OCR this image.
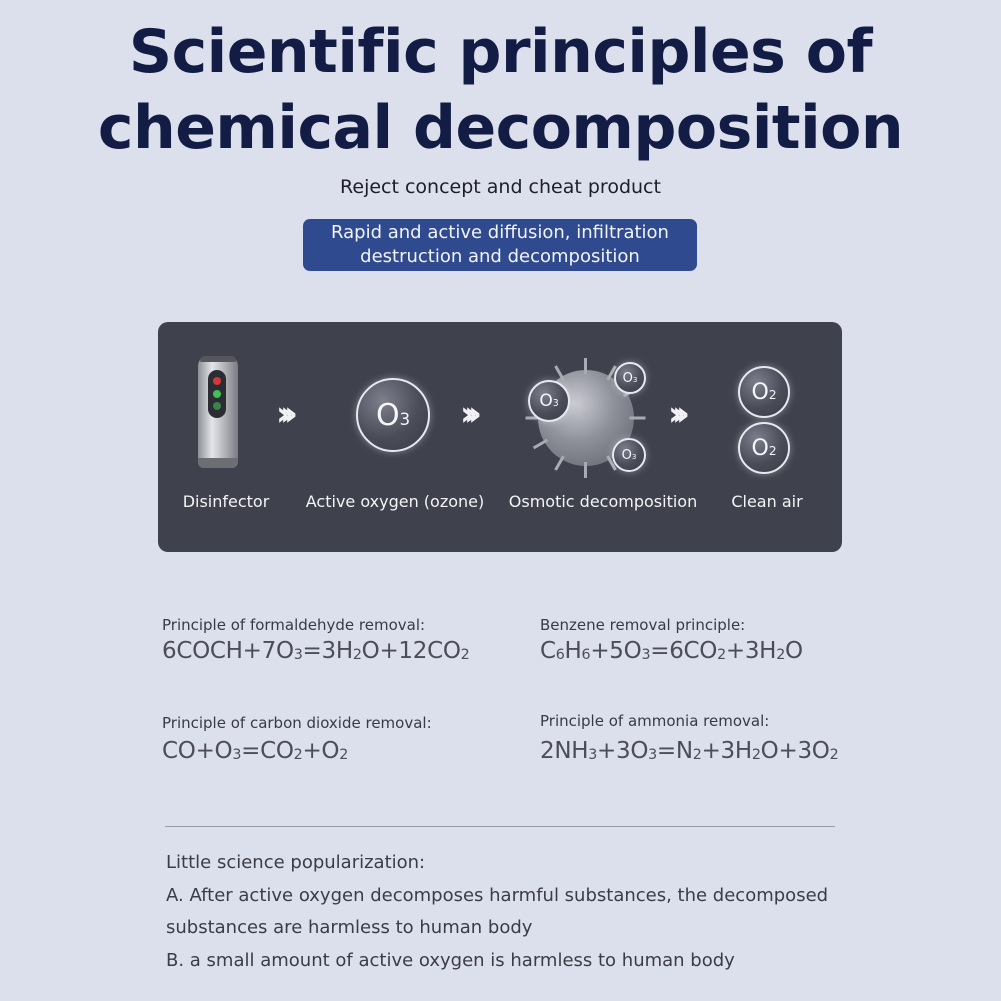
Scientific principles of
chemical decomposition
Reject concept and cheat product
Rapid and active diffusion, infiltration
destruction and decomposition
›››	$O_3$ ›››	$O_3$
$O_3$
$O_3$
›››
$O_2$
$O_2$
Disinfector Active oxygen (ozone) Osmotic decomposition Clean air
Principle of formaldehyde removal:
$6COCH+7O_3=3H_2O+12CO_2$
Benzene removal principle:
$C_6H_6+5O_3=6CO_2+3H_2O$
Principle of carbon dioxide removal:
$CO+O_3=CO_2+O_2$
Principle of ammonia removal:
$2NH_3+3O_3=N_2+3H_2O+3O_2$
Little science popularization:
A. After active oxygen decomposes harmful substances, the decomposed
substances are harmless to human body
B. a small amount of active oxygen is harmless to human body
